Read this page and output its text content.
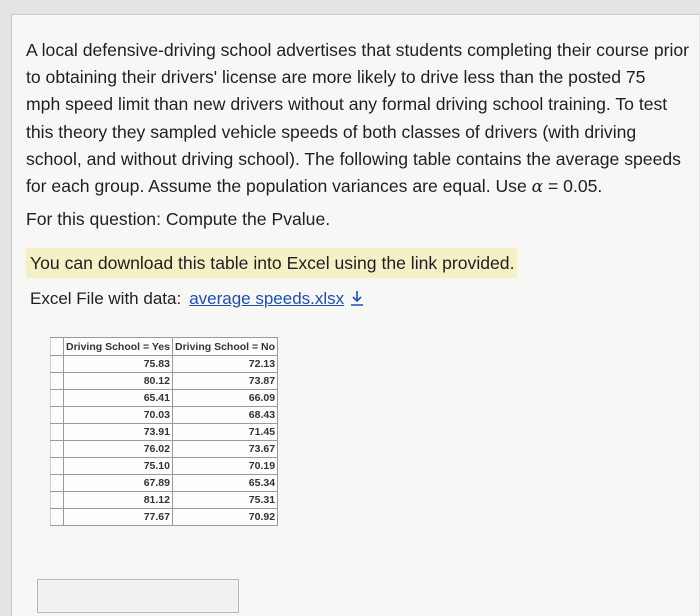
A local defensive-driving school advertises that students completing their course prior
to obtaining their drivers' license are more likely to drive less than the posted 75
mph speed limit than new drivers without any formal driving school training. To test
this theory they sampled vehicle speeds of both classes of drivers (with driving
school, and without driving school). The following table contains the average speeds
for each group. Assume the population variances are equal. Use α = 0.05.

For this question: Compute the Pvalue.
You can download this table into Excel using the link provided.
Excel File with data: average speeds.xlsx
	Driving School = Yes	Driving School = No
	75.83	72.13
	80.12	73.87
	65.41	66.09
	70.03	68.43
	73.91	71.45
	76.02	73.67
	75.10	70.19
	67.89	65.34
	81.12	75.31
	77.67	70.92
